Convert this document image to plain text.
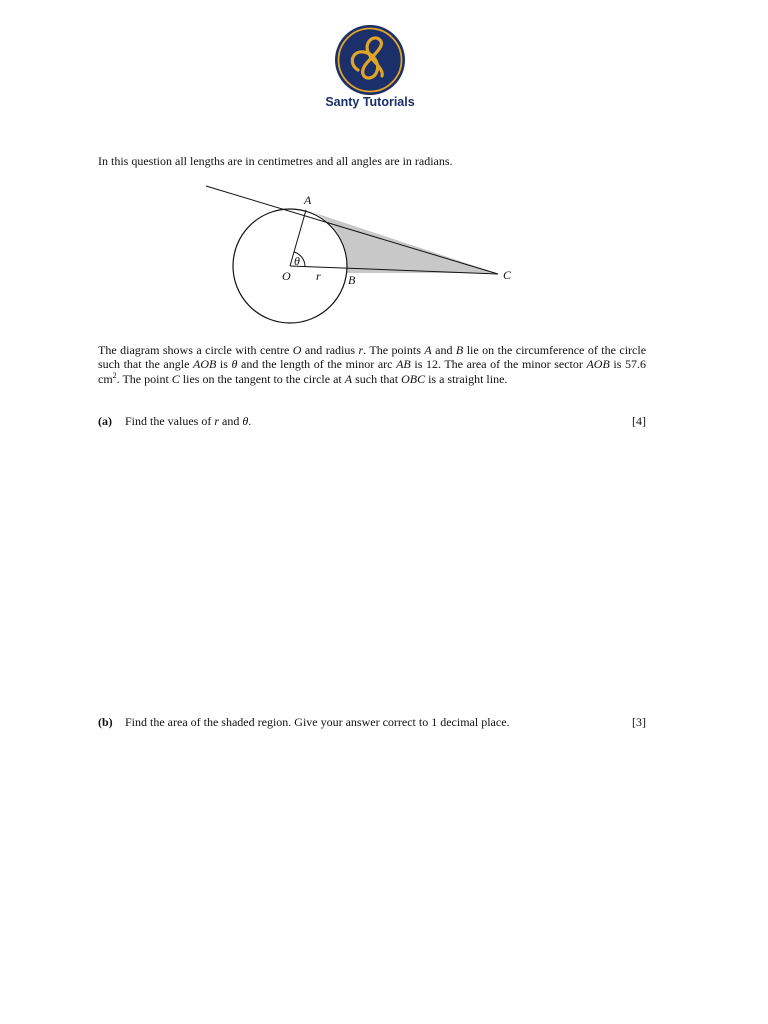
Santy Tutorials
In this question all lengths are in centimetres and all angles are in radians.
A
B	C
O r
θ
The diagram shows a circle with centre O and radius r. The points A and B lie on the circumference of the circle such that the angle AOB is θ and the length of the minor arc AB is 12. The area of the minor sector AOB is 57.6 $cm^2$. The point C lies on the tangent to the circle at A such that OBC is a straight line.
(a) Find the values of r and θ.	[4]
(b) Find the area of the shaded region. Give your answer correct to 1 decimal place.	[3]
